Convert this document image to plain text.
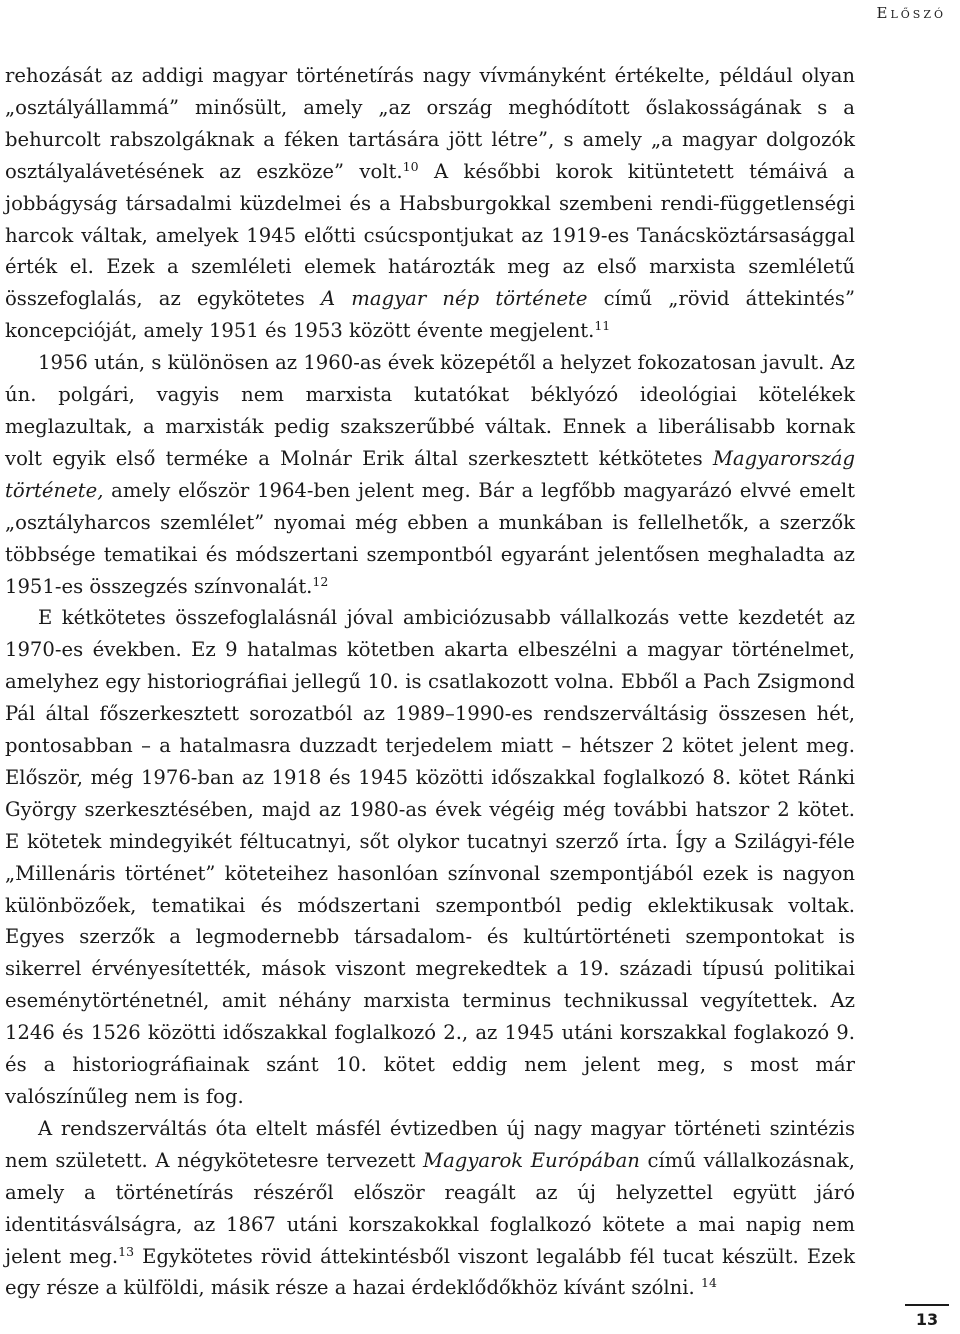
Előszó

rehozását az addigi magyar történetírás nagy vívmányként értékelte, például olyan „osztályállammá” minősült, amely „az ország meghódított őslakosságának s a behurcolt rabszolgáknak a féken tartására jött létre”, s amely „a magyar dolgozók osztályalávetésének az eszköze” volt.$^{10}$ A későbbi korok kitüntetett témáivá a jobbágyság társadalmi küzdelmei és a Habsburgokkal szembeni rendi-függetlenségi harcok váltak, amelyek 1945 előtti csúcspontjukat az 1919-es Tanácsköztársasággal érték el. Ezek a szemléleti elemek határozták meg az első marxista szemléletű összefoglalás, az egykötetes A magyar nép története című „rövid áttekintés” koncepcióját, amely 1951 és 1953 között évente megjelent.$^{11}$

1956 után, s különösen az 1960-as évek közepétől a helyzet fokozatosan javult. Az ún. polgári, vagyis nem marxista kutatókat béklyózó ideológiai kötelékek meglazultak, a marxisták pedig szakszerűbbé váltak. Ennek a liberálisabb kornak volt egyik első terméke a Molnár Erik által szerkesztett kétkötetes Magyarország története, amely először 1964-ben jelent meg. Bár a legfőbb magyarázó elvvé emelt „osztályharcos szemlélet” nyomai még ebben a munkában is fellelhetők, a szerzők többsége tematikai és módszertani szempontból egyaránt jelentősen meghaladta az 1951-es összegzés színvonalát.$^{12}$

E kétkötetes összefoglalásnál jóval ambiciózusabb vállalkozás vette kezdetét az 1970-es években. Ez 9 hatalmas kötetben akarta elbeszélni a magyar történelmet, amelyhez egy historiográfiai jellegű 10. is csatlakozott volna. Ebből a Pach Zsigmond Pál által főszerkesztett sorozatból az 1989–1990-es rendszerváltásig összesen hét, pontosabban – a hatalmasra duzzadt terjedelem miatt – hétszer 2 kötet jelent meg. Először, még 1976-ban az 1918 és 1945 közötti időszakkal foglalkozó 8. kötet Ránki György szerkesztésében, majd az 1980-as évek végéig még további hatszor 2 kötet. E kötetek mindegyikét féltucatnyi, sőt olykor tucatnyi szerző írta. Így a Szilágyi-féle „Millenáris történet” köteteihez hasonlóan színvonal szempontjából ezek is nagyon különbözőek, tematikai és módszertani szempontból pedig eklektikusak voltak. Egyes szerzők a legmodernebb társadalom- és kultúrtörténeti szempontokat is sikerrel érvényesítették, mások viszont megrekedtek a 19. századi típusú politikai eseménytörténetnél, amit néhány marxista terminus technikussal vegyítettek. Az 1246 és 1526 közötti időszakkal foglalkozó 2., az 1945 utáni korszakkal foglakozó 9. és a historiográfiainak szánt 10. kötet eddig nem jelent meg, s most már valószínűleg nem is fog.

A rendszerváltás óta eltelt másfél évtizedben új nagy magyar történeti szintézis nem született. A négykötetesre tervezett Magyarok Európában című vállalkozásnak, amely a történetírás részéről először reagált az új helyzettel együtt járó identitásválságra, az 1867 utáni korszakokkal foglalkozó kötete a mai napig nem jelent meg.$^{13}$ Egykötetes rövid áttekintésből viszont legalább fél tucat készült. Ezek egy része a külföldi, másik része a hazai érdeklődőkhöz kívánt szólni. $^{14}$

13
